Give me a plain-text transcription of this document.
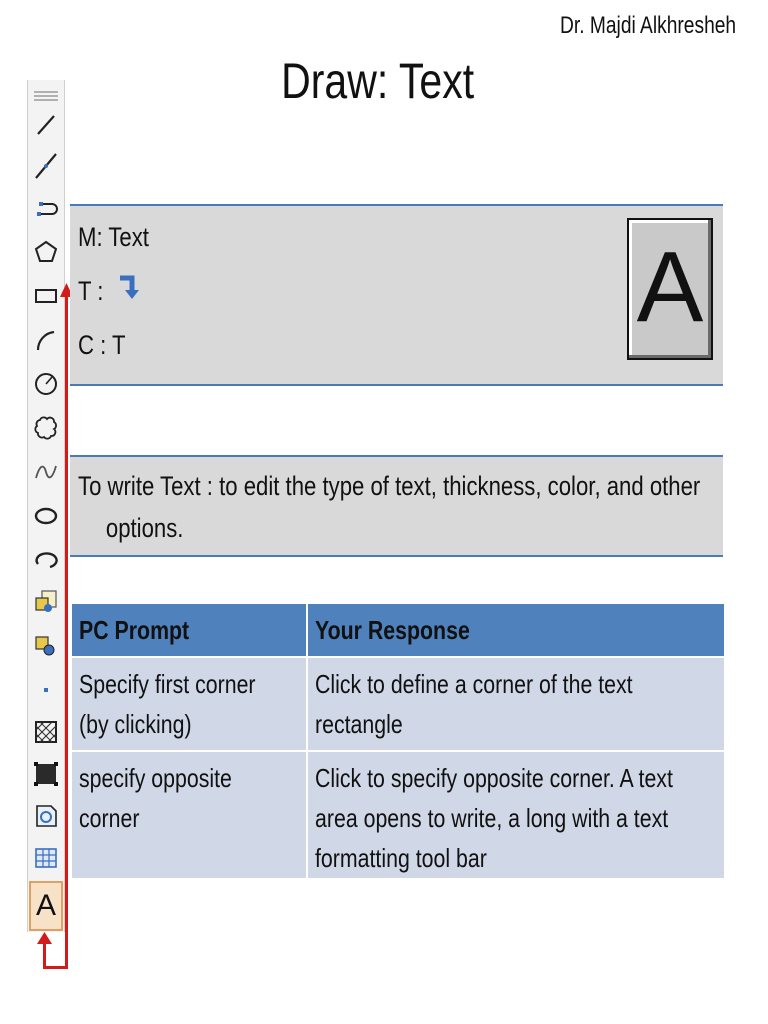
Dr. Majdi Alkhresheh
Draw: Text
A
M: Text
T :
C : T
A
To write Text : to edit the type of text, thickness, color, and other
options.
PC Prompt	Your Response

Specify first corner (by clicking)	Click to define a corner of the text rectangle

specify opposite corner	Click to specify opposite corner. A text area opens to write, a long with a text formatting tool bar
